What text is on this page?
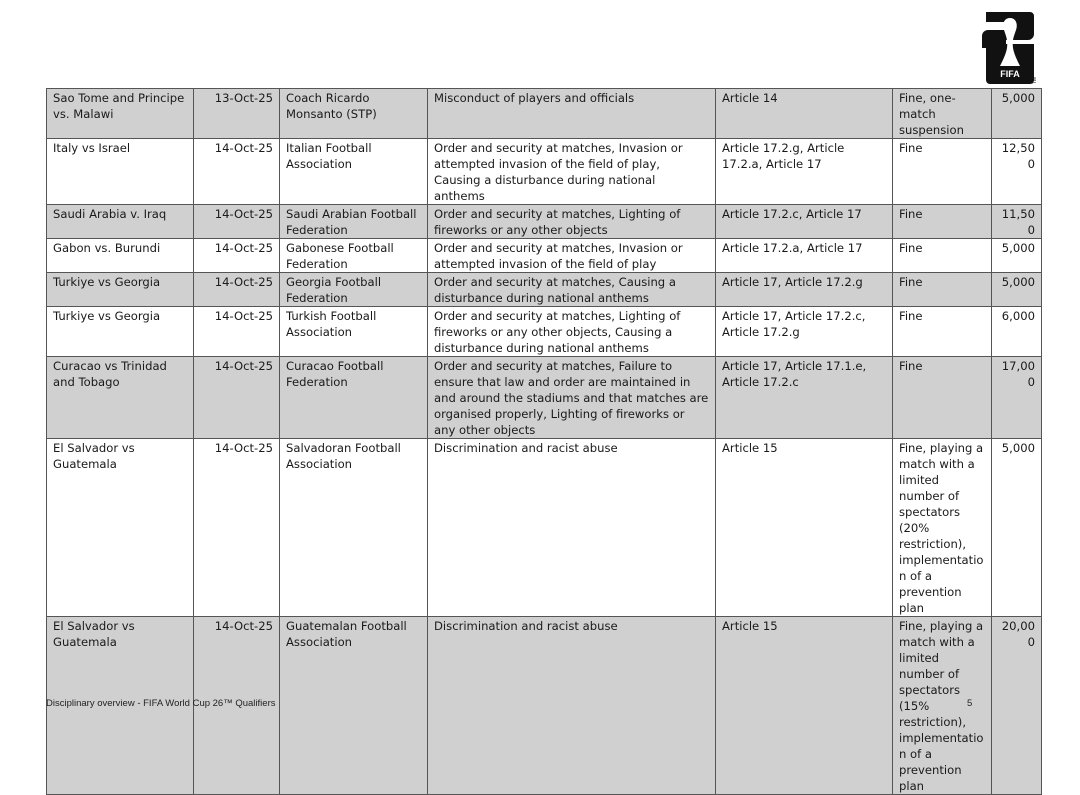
FIFA
TM
Sao Tome and Principe vs. Malawi	13-Oct-25	Coach Ricardo Monsanto (STP)	Misconduct of players and officials	Article 14	Fine, one-match suspension	5,000
Italy vs Israel	14-Oct-25	Italian Football Association	Order and security at matches, Invasion or attempted invasion of the field of play, Causing a disturbance during national anthems	Article 17.2.g, Article 17.2.a, Article 17	Fine	12,500
Saudi Arabia v. Iraq	14-Oct-25	Saudi Arabian Football Federation	Order and security at matches, Lighting of fireworks or any other objects	Article 17.2.c, Article 17	Fine	11,500
Gabon vs. Burundi	14-Oct-25	Gabonese Football Federation	Order and security at matches, Invasion or attempted invasion of the field of play	Article 17.2.a, Article 17	Fine	5,000
Turkiye vs Georgia	14-Oct-25	Georgia Football Federation	Order and security at matches, Causing a disturbance during national anthems	Article 17, Article 17.2.g	Fine	5,000
Turkiye vs Georgia	14-Oct-25	Turkish Football Association	Order and security at matches, Lighting of fireworks or any other objects, Causing a disturbance during national anthems	Article 17, Article 17.2.c, Article 17.2.g	Fine	6,000
Curacao vs Trinidad and Tobago	14-Oct-25	Curacao Football Federation	Order and security at matches, Failure to ensure that law and order are maintained in and around the stadiums and that matches are organised properly, Lighting of fireworks or any other objects	Article 17, Article 17.1.e, Article 17.2.c	Fine	17,000
El Salvador vs Guatemala	14-Oct-25	Salvadoran Football Association	Discrimination and racist abuse	Article 15	Fine, playing a match with a limited number of spectators (20% restriction), implementation of a prevention plan	5,000
El Salvador vs Guatemala	14-Oct-25	Guatemalan Football Association	Discrimination and racist abuse	Article 15	Fine, playing a match with a limited number of spectators (15% restriction), implementation of a prevention plan	20,000
Disciplinary overview - FIFA World Cup 26™ Qualifiers	5
